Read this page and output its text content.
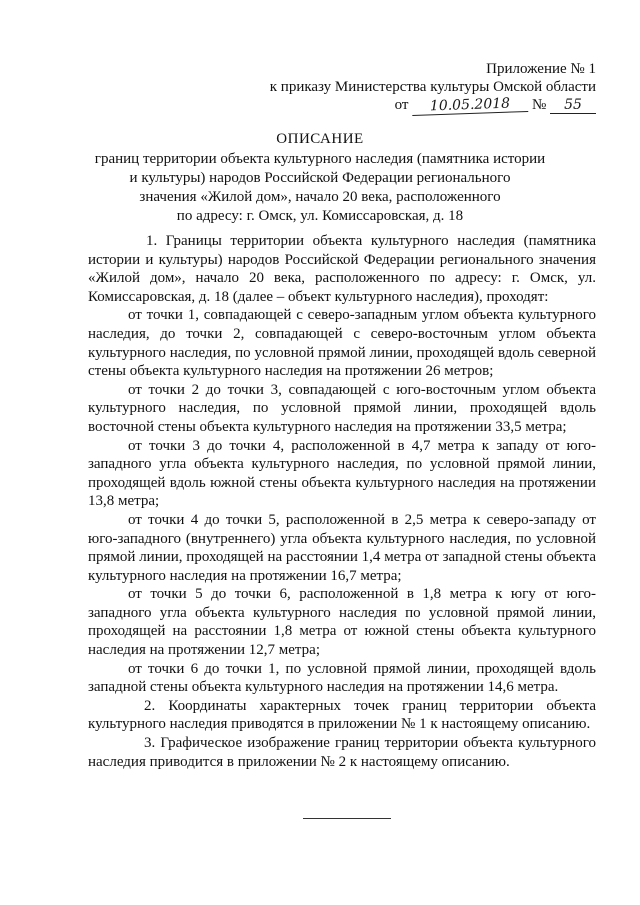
Приложение № 1
к приказу Министерства культуры Омской области
от 10.05.2018 № 55
ОПИСАНИЕ
границ территории объекта культурного наследия (памятника истории
и культуры) народов Российской Федерации регионального
значения «Жилой дом», начало 20 века, расположенного
по адресу: г. Омск, ул. Комиссаровская, д. 18

1. Границы территории объекта культурного наследия (памятника истории и культуры) народов Российской Федерации регионального значения «Жилой дом», начало 20 века, расположенного по адресу: г. Омск, ул. Комиссаровская, д. 18 (далее – объект культурного наследия), проходят:

от точки 1, совпадающей с северо-западным углом объекта культурного наследия, до точки 2, совпадающей с северо-восточным углом объекта культурного наследия, по условной прямой линии, проходящей вдоль северной стены объекта культурного наследия на протяжении 26 метров;

от точки 2 до точки 3, совпадающей с юго-восточным углом объекта культурного наследия, по условной прямой линии, проходящей вдоль восточной стены объекта культурного наследия на протяжении 33,5 метра;

от точки 3 до точки 4, расположенной в 4,7 метра к западу от юго-западного угла объекта культурного наследия, по условной прямой линии, проходящей вдоль южной стены объекта культурного наследия на протяжении 13,8 метра;

от точки 4 до точки 5, расположенной в 2,5 метра к северо-западу от юго-западного (внутреннего) угла объекта культурного наследия, по условной прямой линии, проходящей на расстоянии 1,4 метра от западной стены объекта культурного наследия на протяжении 16,7 метра;

от точки 5 до точки 6, расположенной в 1,8 метра к югу от юго-западного угла объекта культурного наследия по условной прямой линии, проходящей на расстоянии 1,8 метра от южной стены объекта культурного наследия на протяжении 12,7 метра;

от точки 6 до точки 1, по условной прямой линии, проходящей вдоль западной стены объекта культурного наследия на протяжении 14,6 метра.

2. Координаты характерных точек границ территории объекта культурного наследия приводятся в приложении № 1 к настоящему описанию.

3. Графическое изображение границ территории объекта культурного наследия приводится в приложении № 2 к настоящему описанию.
